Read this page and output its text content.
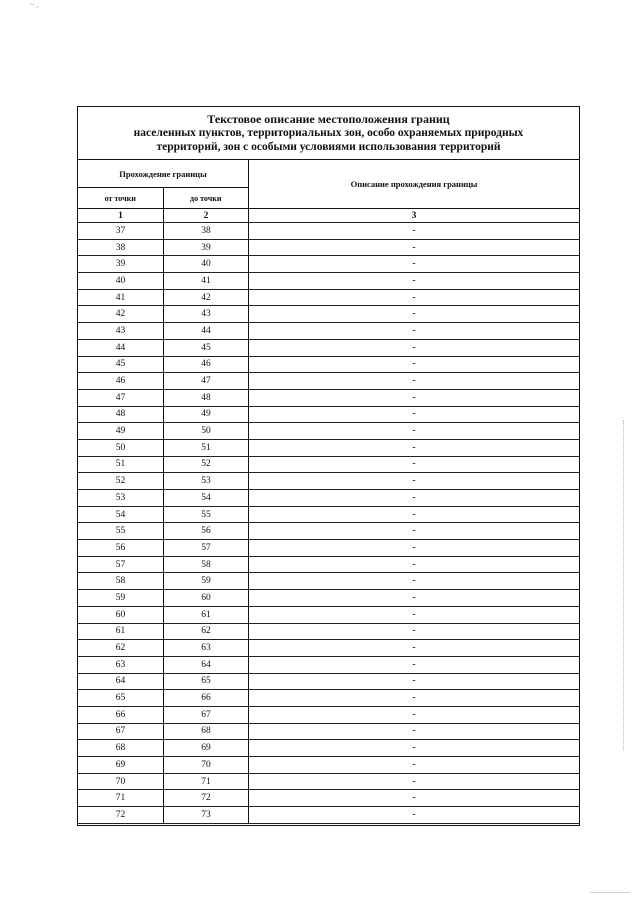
~ ,
Текстовое описание местоположения границ
населенных пунктов, территориальных зон, особо охраняемых природных
территорий, зон с особыми условиями использования территорий
Прохождение границы
от точки	до точки
Описание прохождения границы
1	2	3
37	38	-
38	39	-
39	40	-
40	41	-
41	42	-
42	43	-
43	44	-
44	45	-
45	46	-
46	47	-
47	48	-
48	49	-
49	50	-
50	51	-
51	52	-
52	53	-
53	54	-
54	55	-
55	56	-
56	57	-
57	58	-
58	59	-
59	60	-
60	61	-
61	62	-
62	63	-
63	64	-
64	65	-
65	66	-
66	67	-
67	68	-
68	69	-
69	70	-
70	71	-
71	72	-
72	73	-
